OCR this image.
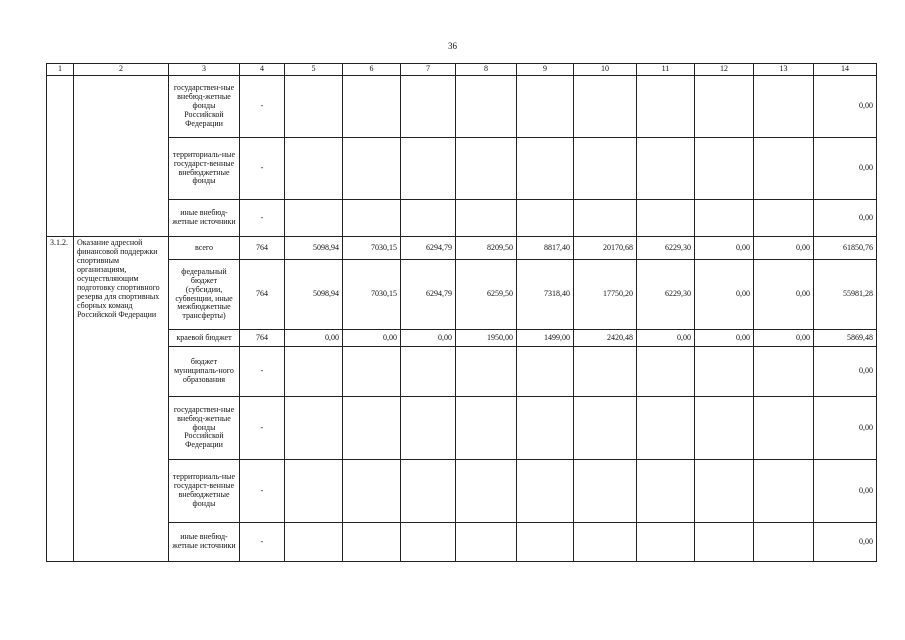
36
1	2	3	4	5	6	7	8	9	10	11	12	13	14
		государствен-ные внебюд-жетные фонды Российской Федерации	-										0,00
		территориаль-ные государст-венные внебюджетные фонды	-										0,00
		иные внебюд-жетные источники	-										0,00
3.1.2.	Оказание адресной финансовой поддержки спортивным организациям, осуществляющим подготовку спортивного резерва для спортивных сборных команд Российской Федерации	всего	764	5098,94	7030,15	6294,79	8209,50	8817,40	20170,68	6229,30	0,00	0,00	61850,76
		федеральный бюджет (субсидии, субвенции, иные межбюджетные трансферты)	764	5098,94	7030,15	6294,79	6259,50	7318,40	17750,20	6229,30	0,00	0,00	55981,28
		краевой бюджет	764	0,00	0,00	0,00	1950,00	1499,00	2420,48	0,00	0,00	0,00	5869,48
		бюджет муниципаль-ного образования	-										0,00
		государствен-ные внебюд-жетные фонды Российской Федерации	-										0,00
		территориаль-ные государст-венные внебюджетные фонды	-										0,00
		иные внебюд-жетные источники	-										0,00
